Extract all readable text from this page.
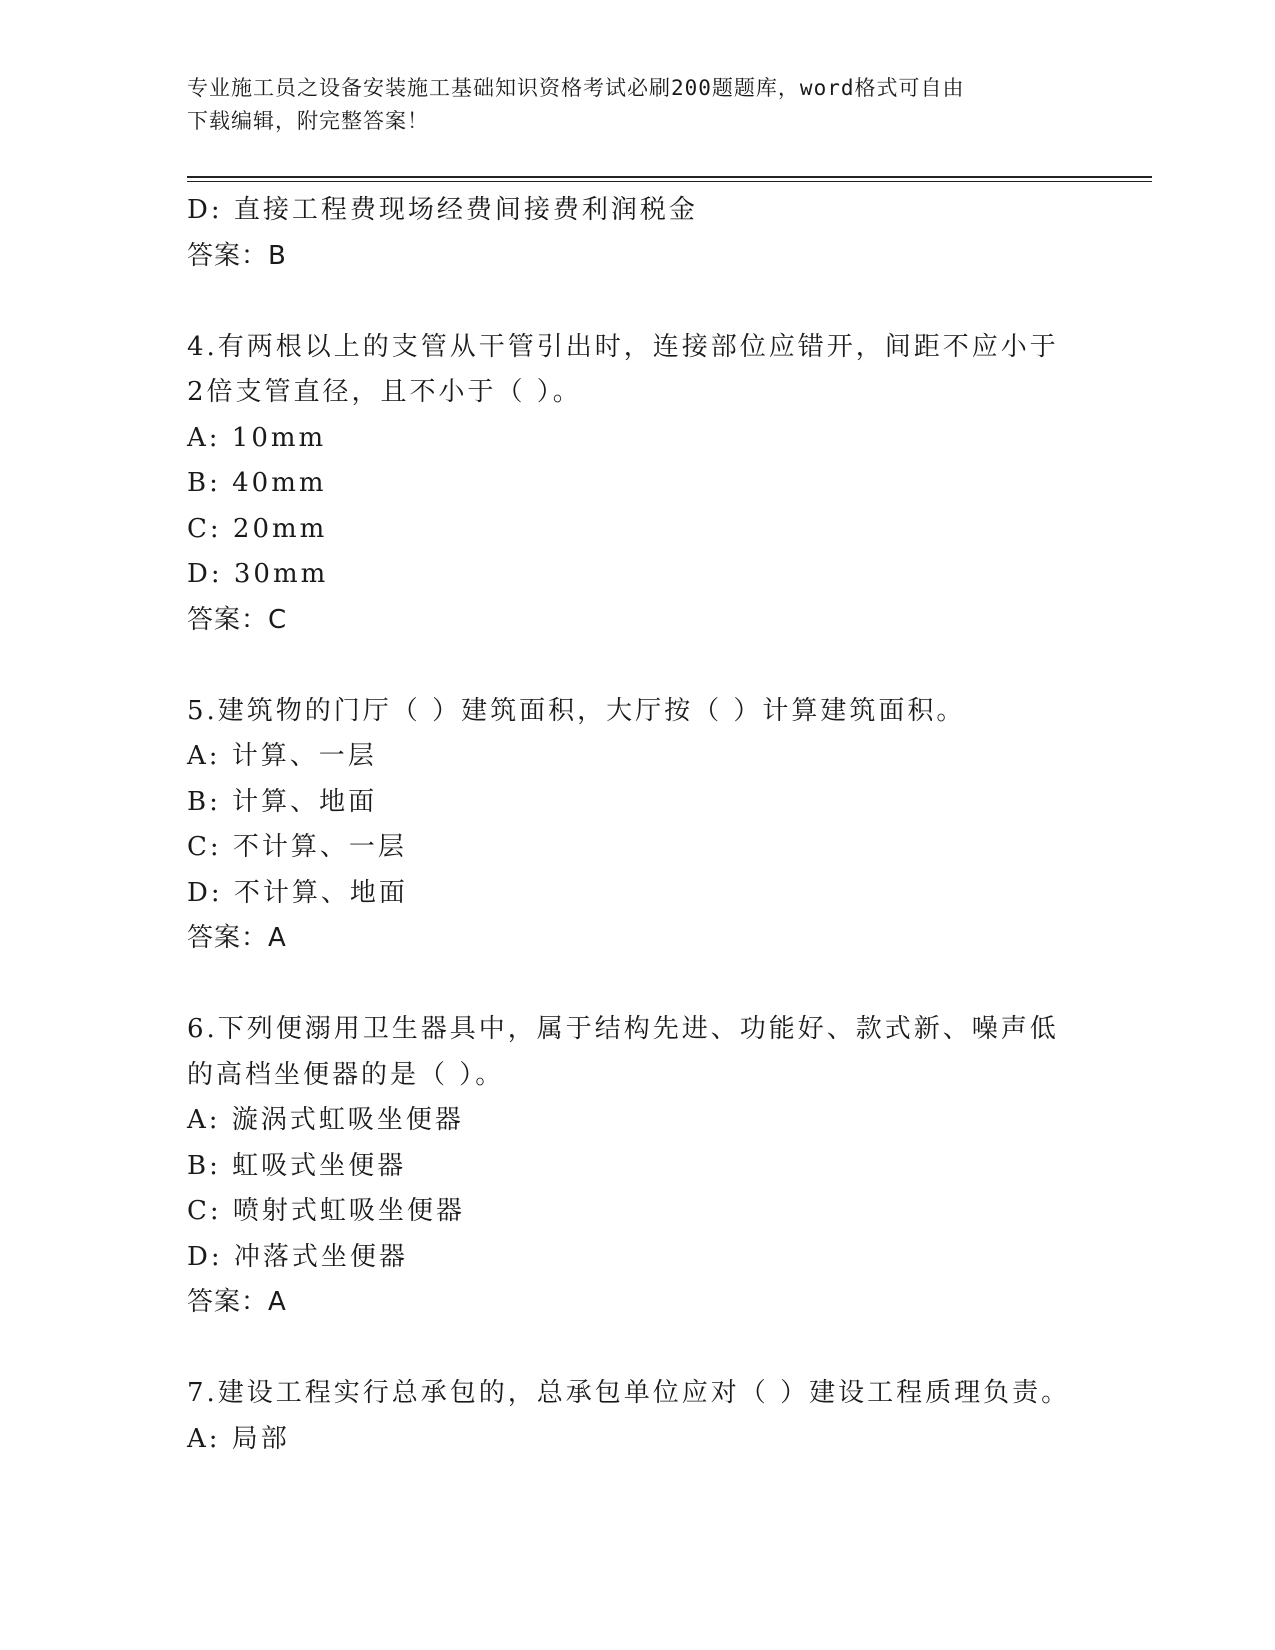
专业施工员之设备安装施工基础知识资格考试必刷200题题库，word格式可自由
下载编辑，附完整答案！
D: 直接工程费现场经费间接费利润税金
答案：B
4.有两根以上的支管从干管引出时，连接部位应错开，间距不应小于
2倍支管直径，且不小于（ ）。
A: 10mm
B: 40mm
C: 20mm
D: 30mm
答案：C
5.建筑物的门厅（ ）建筑面积，大厅按（ ）计算建筑面积。
A: 计算、一层
B: 计算、地面
C: 不计算、一层
D: 不计算、地面
答案：A
6.下列便溺用卫生器具中，属于结构先进、功能好、款式新、噪声低
的高档坐便器的是（ ）。
A: 漩涡式虹吸坐便器
B: 虹吸式坐便器
C: 喷射式虹吸坐便器
D: 冲落式坐便器
答案：A
7.建设工程实行总承包的，总承包单位应对（ ）建设工程质理负责。
A: 局部
